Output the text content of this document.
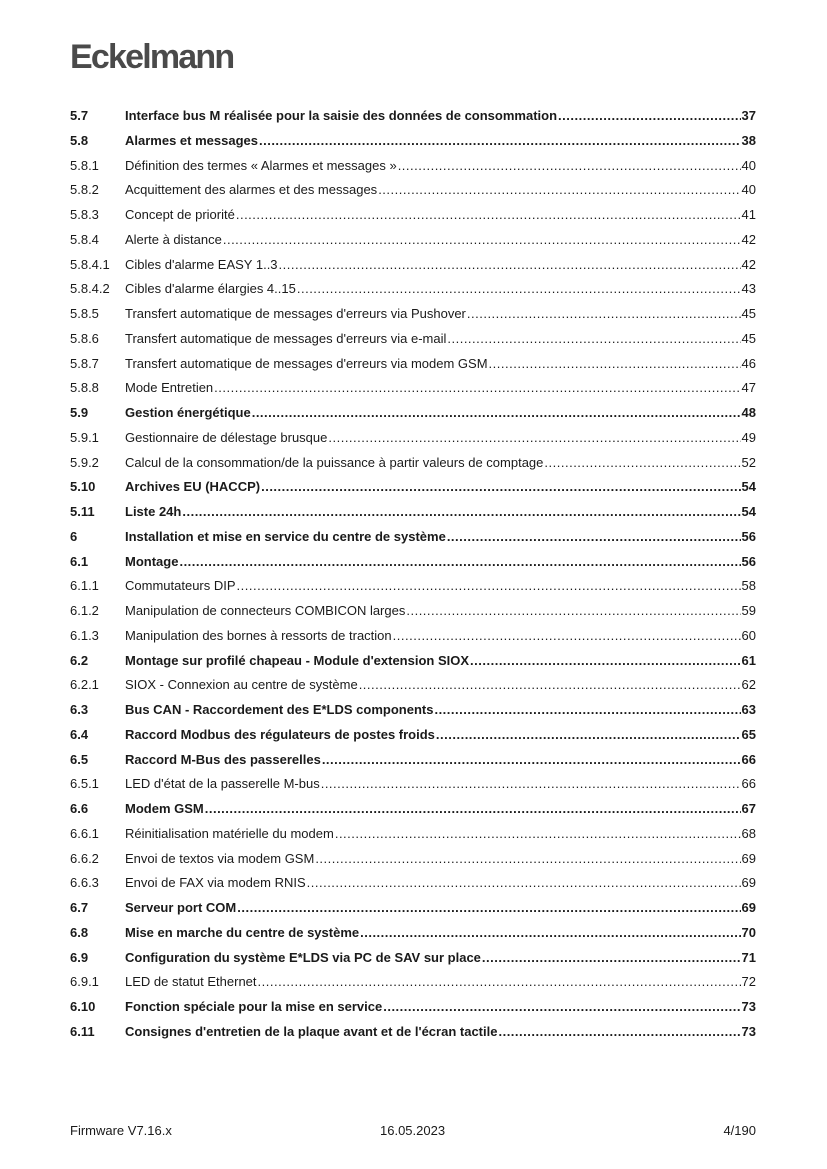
Eckelmann
5.7	Interface bus M réalisée pour la saisie des données de consommation .....	37
5.8	Alarmes et messages .....	38
5.8.1	Définition des termes « Alarmes et messages » .....	40
5.8.2	Acquittement des alarmes et des messages .....	40
5.8.3	Concept de priorité .....	41
5.8.4	Alerte à distance .....	42
5.8.4.1	Cibles d'alarme EASY 1..3 .....	42
5.8.4.2	Cibles d'alarme élargies 4..15 .....	43
5.8.5	Transfert automatique de messages d'erreurs via Pushover .....	45
5.8.6	Transfert automatique de messages d'erreurs via e-mail .....	45
5.8.7	Transfert automatique de messages d'erreurs via modem GSM .....	46
5.8.8	Mode Entretien .....	47
5.9	Gestion énergétique .....	48
5.9.1	Gestionnaire de délestage brusque .....	49
5.9.2	Calcul de la consommation/de la puissance à partir valeurs de comptage .....	52
5.10	Archives EU (HACCP) .....	54
5.11	Liste 24h .....	54
6	Installation et mise en service du centre de système .....	56
6.1	Montage .....	56
6.1.1	Commutateurs DIP .....	58
6.1.2	Manipulation de connecteurs COMBICON larges .....	59
6.1.3	Manipulation des bornes à ressorts de traction .....	60
6.2	Montage sur profilé chapeau - Module d'extension SIOX .....	61
6.2.1	SIOX - Connexion au centre de système .....	62
6.3	Bus CAN - Raccordement des E*LDS components .....	63
6.4	Raccord Modbus des régulateurs de postes froids .....	65
6.5	Raccord M-Bus des passerelles .....	66
6.5.1	LED d'état de la passerelle M-bus .....	66
6.6	Modem GSM .....	67
6.6.1	Réinitialisation matérielle du modem .....	68
6.6.2	Envoi de textos via modem GSM .....	69
6.6.3	Envoi de FAX via modem RNIS .....	69
6.7	Serveur port COM .....	69
6.8	Mise en marche du centre de système .....	70
6.9	Configuration du système E*LDS via PC de SAV sur place .....	71
6.9.1	LED de statut Ethernet .....	72
6.10	Fonction spéciale pour la mise en service .....	73
6.11	Consignes d'entretien de la plaque avant et de l'écran tactile .....	73
Firmware V7.16.x	16.05.2023	4/190
